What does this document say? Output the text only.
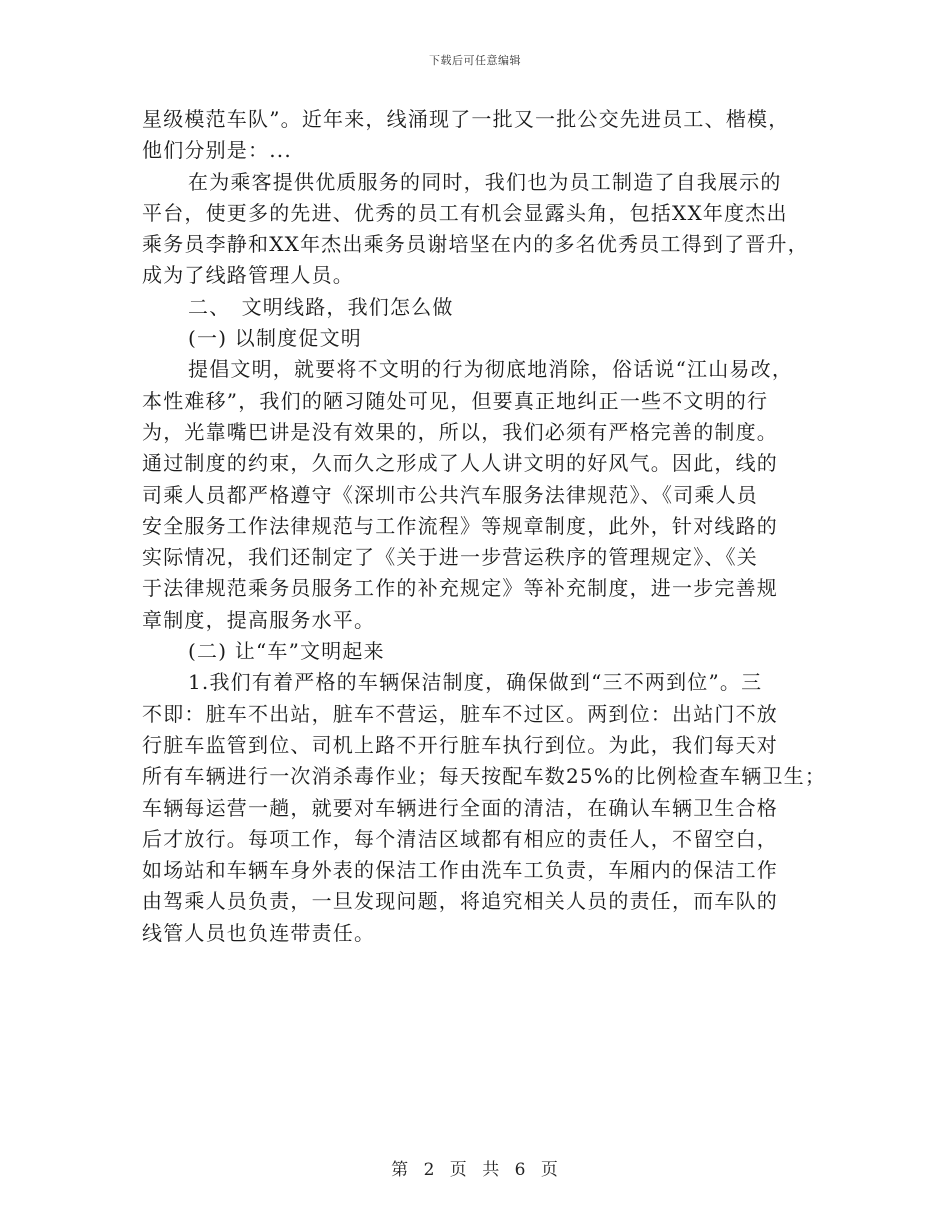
下载后可任意编辑
星级模范车队”。近年来，线涌现了一批又一批公交先进员工、楷模，
他们分别是：...
在为乘客提供优质服务的同时，我们也为员工制造了自我展示的
平台，使更多的先进、优秀的员工有机会显露头角，包括XX年度杰出
乘务员李静和XX年杰出乘务员谢培坚在内的多名优秀员工得到了晋升，
成为了线路管理人员。
二、　文明线路，我们怎么做
(一) 以制度促文明
提倡文明，就要将不文明的行为彻底地消除，俗话说“江山易改，
本性难移”，我们的陋习随处可见，但要真正地纠正一些不文明的行
为，光靠嘴巴讲是没有效果的，所以，我们必须有严格完善的制度。
通过制度的约束，久而久之形成了人人讲文明的好风气。因此，线的
司乘人员都严格遵守《深圳市公共汽车服务法律规范》、《司乘人员
安全服务工作法律规范与工作流程》等规章制度，此外，针对线路的
实际情况，我们还制定了《关于进一步营运秩序的管理规定》、《关
于法律规范乘务员服务工作的补充规定》等补充制度，进一步完善规
章制度，提高服务水平。
(二) 让“车”文明起来
1.我们有着严格的车辆保洁制度，确保做到“三不两到位”。三
不即：脏车不出站，脏车不营运，脏车不过区。两到位：出站门不放
行脏车监管到位、司机上路不开行脏车执行到位。为此，我们每天对
所有车辆进行一次消杀毒作业；每天按配车数25%的比例检查车辆卫生；
车辆每运营一趟，就要对车辆进行全面的清洁，在确认车辆卫生合格
后才放行。每项工作，每个清洁区域都有相应的责任人，不留空白，
如场站和车辆车身外表的保洁工作由洗车工负责，车厢内的保洁工作
由驾乘人员负责，一旦发现问题，将追究相关人员的责任，而车队的
线管人员也负连带责任。
第 2 页 共 6 页
